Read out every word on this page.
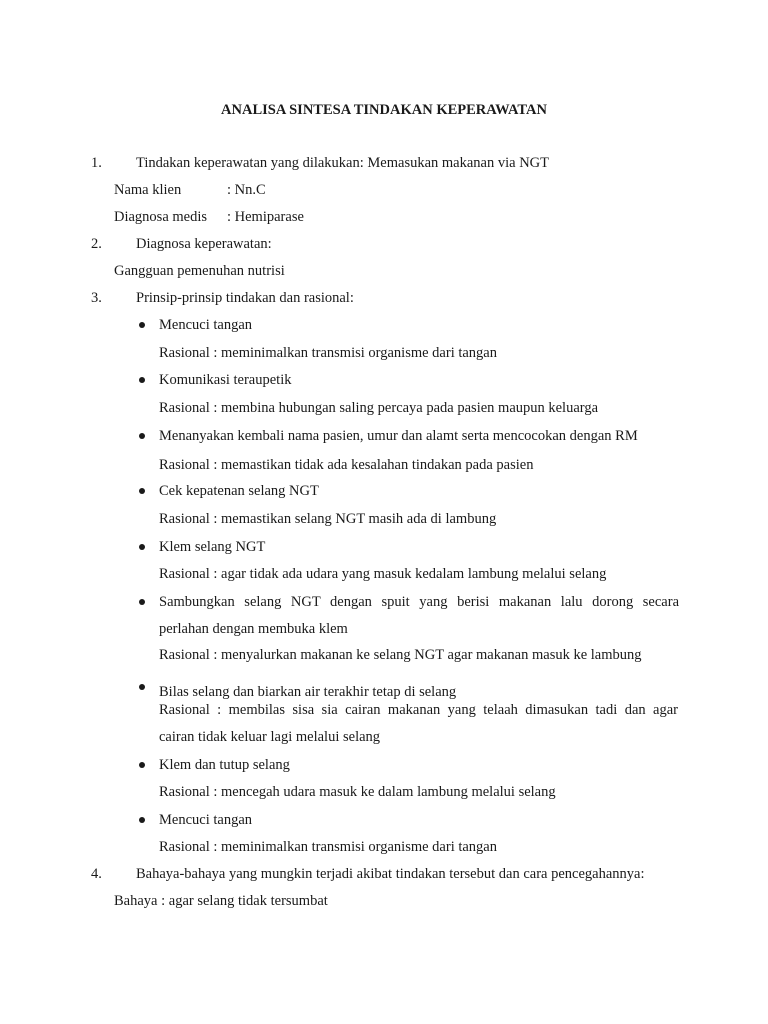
ANALISA SINTESA TINDAKAN KEPERAWATAN
1. Tindakan keperawatan yang dilakukan: Memasukan makanan via NGT
Nama klien	: Nn.C
Diagnosa medis : Hemiparase
2. Diagnosa keperawatan:
Gangguan pemenuhan nutrisi
3. Prinsip-prinsip tindakan dan rasional:
Mencuci tangan
Rasional : meminimalkan transmisi organisme dari tangan
Komunikasi teraupetik
Rasional : membina hubungan saling percaya pada pasien maupun keluarga
Menanyakan kembali nama pasien, umur dan alamt serta mencocokan dengan RM
Rasional : memastikan tidak ada kesalahan tindakan pada pasien
Cek kepatenan selang NGT
Rasional : memastikan selang NGT masih ada di lambung
Klem selang NGT
Rasional : agar tidak ada udara yang masuk kedalam lambung melalui selang
Sambungkan selang NGT dengan spuit yang berisi makanan lalu dorong secara
perlahan dengan membuka klem
Rasional : menyalurkan makanan ke selang NGT agar makanan masuk ke lambung
Bilas selang dan biarkan air terakhir tetap di selang
Rasional : membilas sisa sia cairan makanan yang telaah dimasukan tadi dan agar
cairan tidak keluar lagi melalui selang
Klem dan tutup selang
Rasional : mencegah udara masuk ke dalam lambung melalui selang
Mencuci tangan
Rasional : meminimalkan transmisi organisme dari tangan
4. Bahaya-bahaya yang mungkin terjadi akibat tindakan tersebut dan cara pencegahannya:
Bahaya : agar selang tidak tersumbat
